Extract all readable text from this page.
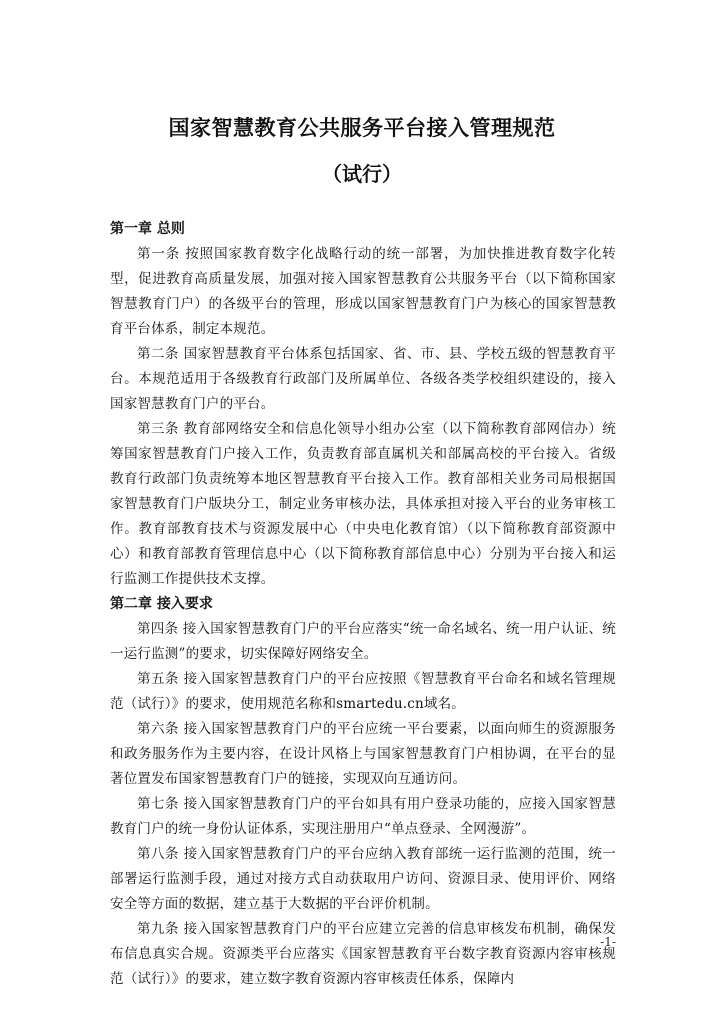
国家智慧教育公共服务平台接入管理规范
（试行）

第一章 总则

第一条 按照国家教育数字化战略行动的统一部署，为加快推进教育数字化转型，促进教育高质量发展，加强对接入国家智慧教育公共服务平台（以下简称国家智慧教育门户）的各级平台的管理，形成以国家智慧教育门户为核心的国家智慧教育平台体系，制定本规范。

第二条 国家智慧教育平台体系包括国家、省、市、县、学校五级的智慧教育平台。本规范适用于各级教育行政部门及所属单位、各级各类学校组织建设的，接入国家智慧教育门户的平台。

第三条 教育部网络安全和信息化领导小组办公室（以下简称教育部网信办）统筹国家智慧教育门户接入工作，负责教育部直属机关和部属高校的平台接入。省级教育行政部门负责统筹本地区智慧教育平台接入工作。教育部相关业务司局根据国家智慧教育门户版块分工，制定业务审核办法，具体承担对接入平台的业务审核工作。教育部教育技术与资源发展中心（中央电化教育馆）（以下简称教育部资源中心）和教育部教育管理信息中心（以下简称教育部信息中心）分别为平台接入和运行监测工作提供技术支撑。

第二章 接入要求

第四条 接入国家智慧教育门户的平台应落实“统一命名域名、统一用户认证、统一运行监测”的要求，切实保障好网络安全。

第五条 接入国家智慧教育门户的平台应按照《智慧教育平台命名和域名管理规范（试行）》的要求，使用规范名称和smartedu.cn域名。

第六条 接入国家智慧教育门户的平台应统一平台要素，以面向师生的资源服务和政务服务作为主要内容，在设计风格上与国家智慧教育门户相协调，在平台的显著位置发布国家智慧教育门户的链接，实现双向互通访问。

第七条 接入国家智慧教育门户的平台如具有用户登录功能的，应接入国家智慧教育门户的统一身份认证体系，实现注册用户“单点登录、全网漫游”。

第八条 接入国家智慧教育门户的平台应纳入教育部统一运行监测的范围，统一部署运行监测手段，通过对接方式自动获取用户访问、资源目录、使用评价、网络安全等方面的数据，建立基于大数据的平台评价机制。

第九条 接入国家智慧教育门户的平台应建立完善的信息审核发布机制，确保发布信息真实合规。资源类平台应落实《国家智慧教育平台数字教育资源内容审核规范（试行）》的要求，建立数字教育资源内容审核责任体系，保障内

-1-
